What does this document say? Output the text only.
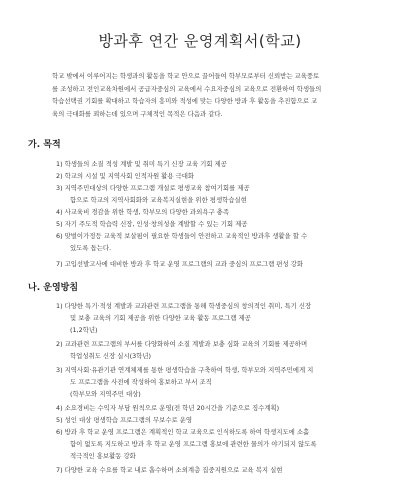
방과후 연간 운영계획서(학교)
학교 밖에서 이루어지는 학생과의 활동을 학교 안으로 끌어들여 학부모로부터 신뢰받는 교육풍토
를 조성하고 전인교육차원에서 공급자중심의 교육에서 수요자중심의 교육으로 전환하여 학생들의
학습선택권 기회를 확대하고 학습자의 흥미와 적성에 맞는 다양한 방과 후 활동을 추진함으로 교
육의 극대화를 꾀하는데 있으며 구체적인 목적은 다음과 같다.
가. 목적
1) 학생들의 소질 적성 계발 및 취미 특기 신장 교육 기회 제공
2) 학교의 시설 및 지역사회 인적자원 활용 극대화
3) 지역주민대상의 다양한 프로그램 개설로 평생교육 참여기회를 제공
함으로 학교의 지역사회화와 교육복지실현을 위한 평생학습실현
4) 사교육비 경감을 위한 학생, 학부모의 다양한 과외욕구 충족
5) 자기 주도적 학습력 신장, 인성·창의성을 계발할 수 있는 기회 제공
6) 맞벌이가정등 교육적 보살핌이 필요한 학생들이 안전하고 교육적인 방과후 생활을 할 수
있도록 돕는다.
7) 고입선발고사에 대비한 방과 후 학교 운영 프로그램의 교과 중심의 프로그램 편성 강화
나. 운영방침
1) 다양한 특기·적성 계발과 교과관련 프로그램을 통해 학생중심의 창의적인 취미, 특기 신장
및 보충 교육의 기회 제공을 위한 다양한 교육 활동 프로그램 제공
(1,2학년)
2) 교과관련 프로그램의 부서를 다양화하여 소질 계발과 보충 심화 교육의 기회를 제공하며
학업성취도 신장 실시(3학년)
3) 지역사회·유관기관 연계체제를 통한 평생학습을 구축하여 학생, 학부모와 지역주민에게 지
도 프로그램을 사전에 작성하여 홍보하고 부서 조직
(학부모와 지역주민 대상)
4) 소요경비는 수익자 부담 원칙으로 운영(전 학년 20시간을 기준으로 징수계획)
5) 성인 대상 평생학습 프로그램의 무보수로 운영
6) 방과 후 학교 운영 프로그램은 계획적인 학교 교육으로 인식하도록 하여 학생지도에 소홀
함이 없도록 지도하고 방과 후 학교 운영 프로그램 홍보에 관련한 물의가 야기되지 않도록
적극적인 홍보활동 강화
7) 다양한 교육 수요를 학교 내로 흡수하며 소외계층 집중지원으로 교육 복지 실현
